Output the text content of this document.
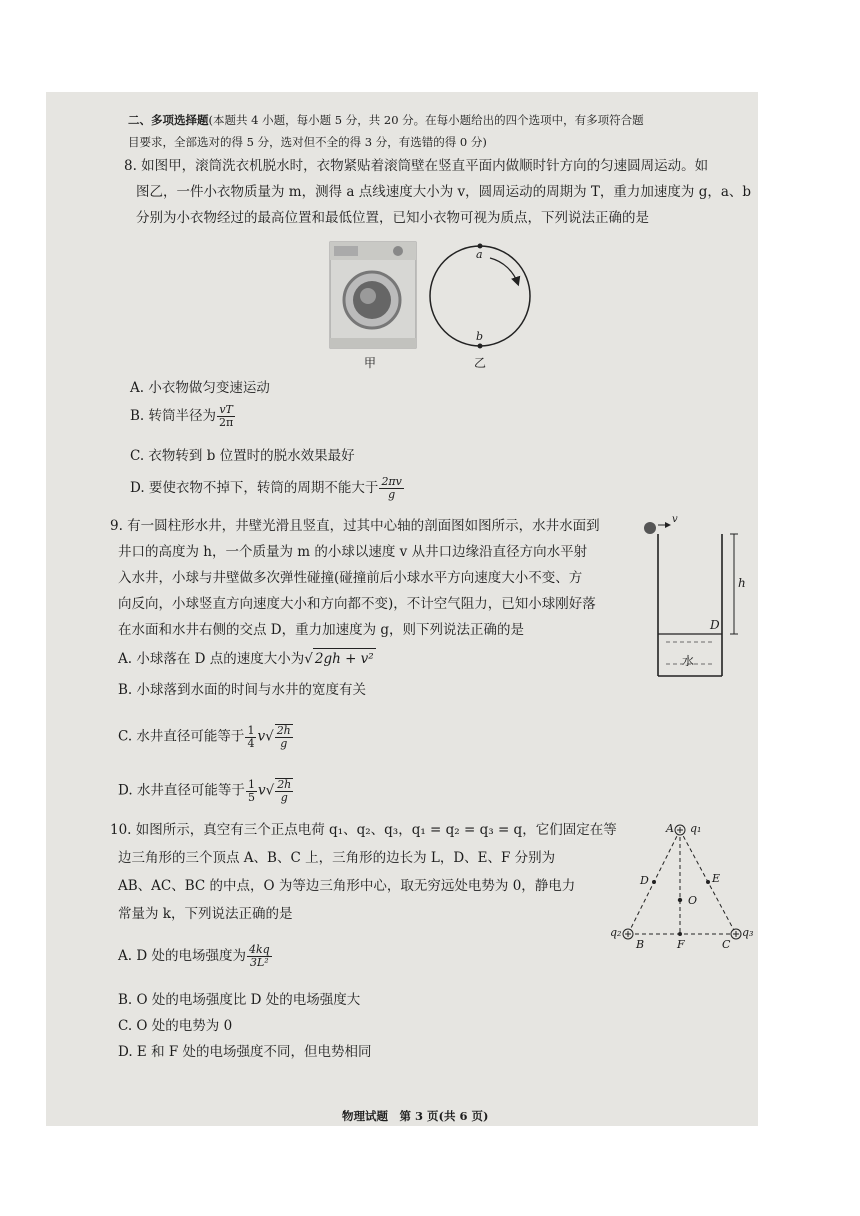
二、多项选择题(本题共 4 小题，每小题 5 分，共 20 分。在每小题给出的四个选项中，有多项符合题
目要求，全部选对的得 5 分，选对但不全的得 3 分，有选错的得 0 分)
8. 如图甲，滚筒洗衣机脱水时，衣物紧贴着滚筒壁在竖直平面内做顺时针方向的匀速圆周运动。如
图乙，一件小衣物质量为 m，测得 a 点线速度大小为 v，圆周运动的周期为 T，重力加速度为 g，a、b
分别为小衣物经过的最高位置和最低位置，已知小衣物可视为质点，下列说法正确的是
甲
a
b
乙
A. 小衣物做匀变速运动
B. 转筒半径为 $\frac{vT}{2\pi}$
C. 衣物转到 b 位置时的脱水效果最好
D. 要使衣物不掉下，转筒的周期不能大于 $\frac{2\pi v}{g}$
9. 有一圆柱形水井，井壁光滑且竖直，过其中心轴的剖面图如图所示，水井水面到
井口的高度为 h，一个质量为 m 的小球以速度 v 从井口边缘沿直径方向水平射
入水井，小球与井壁做多次弹性碰撞(碰撞前后小球水平方向速度大小不变、方
向反向，小球竖直方向速度大小和方向都不变)，不计空气阻力，已知小球刚好落
在水面和水井右侧的交点 D，重力加速度为 g，则下列说法正确的是
v
h
D
水
A. 小球落在 D 点的速度大小为√ 2gh + v²
B. 小球落到水面的时间与水井的宽度有关
C. 水井直径可能等于 $\frac{1}{4} v√ \frac{2h}{g}$
D. 水井直径可能等于 $\frac{1}{5} v√ \frac{2h}{g}$
10. 如图所示，真空有三个正点电荷 q₁、q₂、q₃，q₁ = q₂ = q₃ = q，它们固定在等
边三角形的三个顶点 A、B、C 上，三角形的边长为 L，D、E、F 分别为
AB、AC、BC 的中点，O 为等边三角形中心，取无穷远处电势为 0，静电力
常量为 k，下列说法正确的是
A q₁
D	E
O
q₂
B	F	C
q₃
A. D 处的电场强度为 $\frac{4kq}{\text{3L²}}$
B. O 处的电场强度比 D 处的电场强度大
C. O 处的电势为 0
D. E 和 F 处的电场强度不同，但电势相同
物理试题　第 3 页(共 6 页)
